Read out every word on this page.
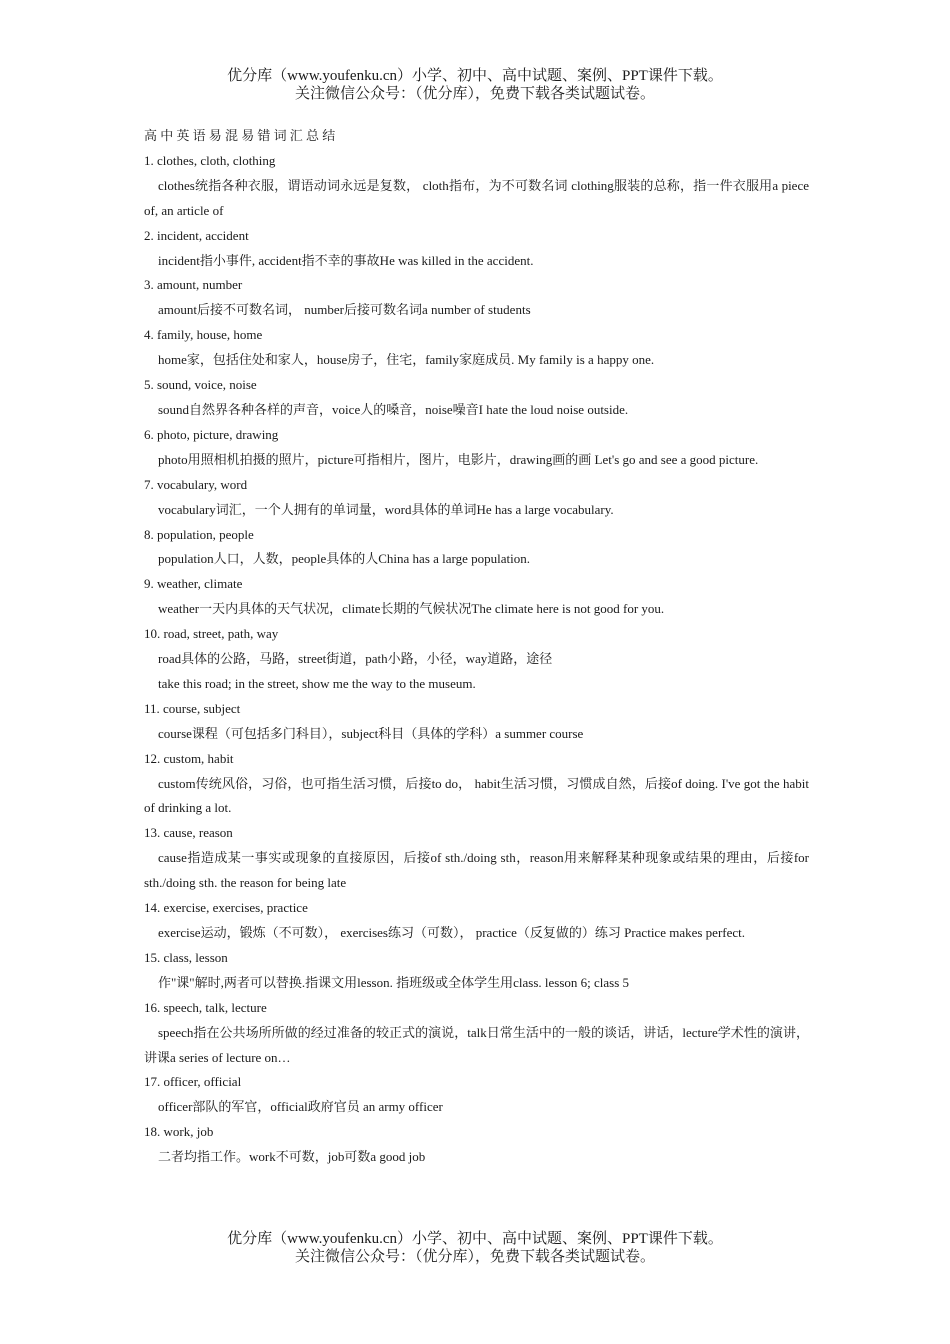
优分库（www.youfenku.cn）小学、初中、高中试题、案例、PPT课件下载。

关注微信公众号：（优分库），免费下载各类试题试卷。

高中英语易混易错词汇总结

1. clothes, cloth, clothing

clothes统指各种衣服，谓语动词永远是复数， cloth指布，为不可数名词 clothing服装的总称，指一件衣服用a piece of, an article of

2. incident, accident

incident指小事件, accident指不幸的事故He was killed in the accident.

3. amount, number

amount后接不可数名词， number后接可数名词a number of students

4. family, house, home

home家，包括住处和家人，house房子，住宅，family家庭成员. My family is a happy one.

5. sound, voice, noise

sound自然界各种各样的声音，voice人的嗓音，noise噪音I hate the loud noise outside.

6. photo, picture, drawing

photo用照相机拍摄的照片，picture可指相片，图片，电影片，drawing画的画 Let's go and see a good picture.

7. vocabulary, word

vocabulary词汇，一个人拥有的单词量，word具体的单词He has a large vocabulary.

8. population, people

population人口，人数，people具体的人China has a large population.

9. weather, climate

weather一天内具体的天气状况，climate长期的气候状况The climate here is not good for you.

10. road, street, path, way

road具体的公路，马路，street街道，path小路，小径，way道路，途径

take this road; in the street, show me the way to the museum.

11. course, subject

course课程（可包括多门科目），subject科目（具体的学科）a summer course

12. custom, habit

custom传统风俗，习俗，也可指生活习惯，后接to do， habit生活习惯，习惯成自然，后接of doing. I've got the habit of drinking a lot.

13. cause, reason

cause指造成某一事实或现象的直接原因，后接of sth./doing sth，reason用来解释某种现象或结果的理由，后接for sth./doing sth. the reason for being late

14. exercise, exercises, practice

exercise运动，锻炼（不可数）， exercises练习（可数）， practice（反复做的）练习 Practice makes perfect.

15. class, lesson

作"课"解时,两者可以替换.指课文用lesson. 指班级或全体学生用class. lesson 6; class 5

16. speech, talk, lecture

speech指在公共场所所做的经过准备的较正式的演说，talk日常生活中的一般的谈话，讲话，lecture学术性的演讲，讲课a series of lecture on…

17. officer, official

officer部队的军官，official政府官员 an army officer

18. work, job

二者均指工作。work不可数，job可数a good job

优分库（www.youfenku.cn）小学、初中、高中试题、案例、PPT课件下载。

关注微信公众号：（优分库），免费下载各类试题试卷。
